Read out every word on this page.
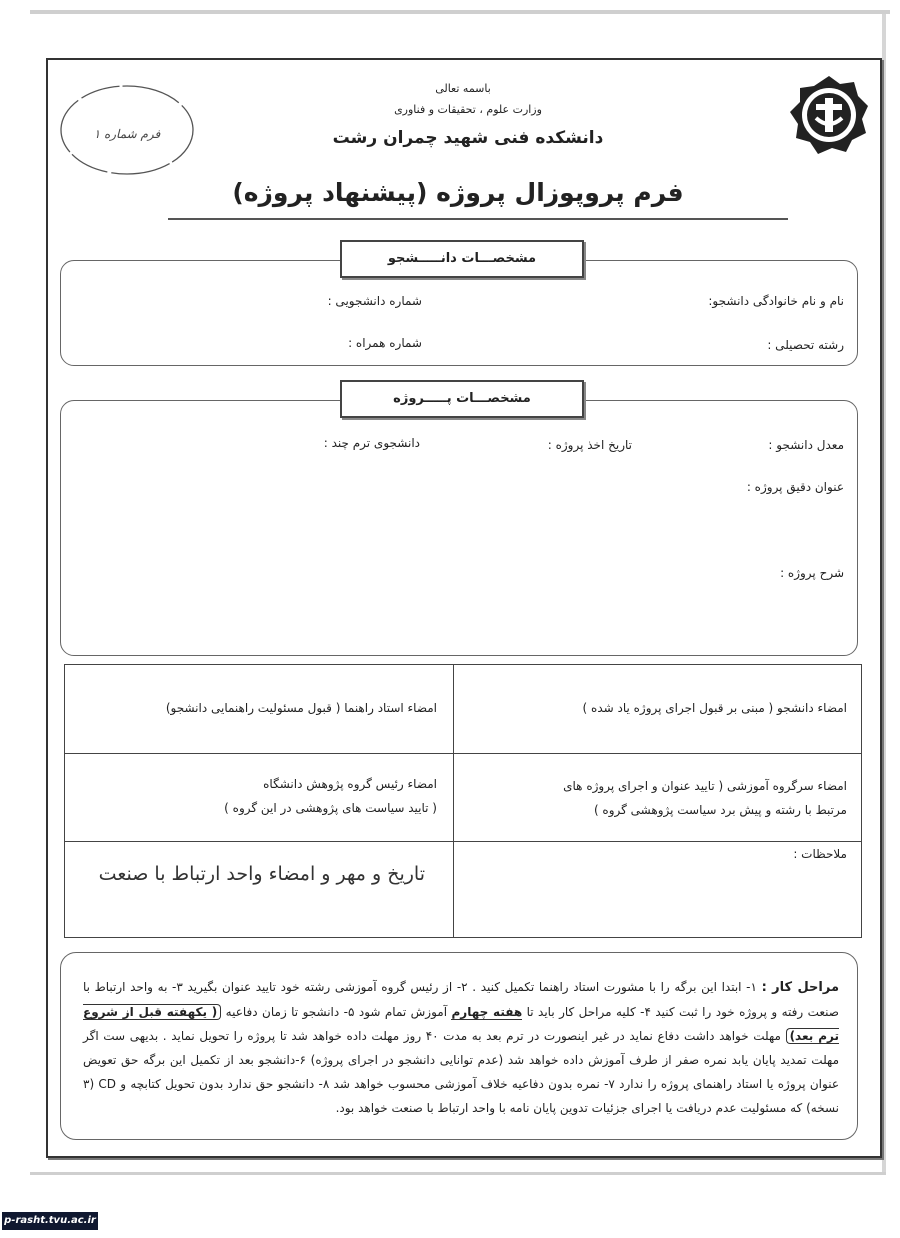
باسمه تعالی
وزارت علوم ، تحقیقات و فناوری
دانشکده فنی شهید چمران رشت
فرم شماره ۱
فرم پروپوزال پروژه (پیشنهاد پروژه)
مشخصـــات دانـــــشجو
نام و نام خانوادگی دانشجو:
شماره دانشجویی :
رشته تحصیلی :
شماره همراه :
مشخصـــات پـــــروژه
معدل دانشجو :
تاریخ اخذ پروژه :
دانشجوی ترم چند :
عنوان دقیق پروژه :
شرح پروژه :
امضاء دانشجو ( مبنی بر قبول اجرای پروژه یاد شده )
امضاء استاد راهنما ( قبول مسئولیت راهنمایی دانشجو)
امضاء سرگروه آموزشی ( تایید عنوان و اجرای پروژه های
مرتبط با رشته و پیش برد سیاست پژوهشی گروه )
امضاء رئیس گروه پژوهش دانشگاه
( تایید سیاست های پژوهشی در این گروه )
ملاحظات :
تاریخ و مهر و امضاء واحد ارتباط با صنعت
مراحل کار : ۱- ابتدا این برگه را با مشورت استاد راهنما تکمیل کنید . ۲- از رئیس گروه آموزشی رشته خود تایید عنوان بگیرید ۳- به واحد ارتباط با صنعت رفته و پروژه خود را ثبت کنید ۴- کلیه مراحل کار باید تا هفته چهارم آموزش تمام شود ۵- دانشجو تا زمان دفاعیه ( یکهفته قبل از شروع ترم بعد) مهلت خواهد داشت دفاع نماید در غیر اینصورت در ترم بعد به مدت ۴۰ روز مهلت داده خواهد شد تا پروژه را تحویل نماید . بدیهی ست اگر مهلت تمدید پایان یابد نمره صفر از طرف آموزش داده خواهد شد (عدم توانایی دانشجو در اجرای پروژه) ۶-دانشجو بعد از تکمیل این برگه حق تعویض عنوان پروژه یا استاد راهنمای پروژه را ندارد ۷- نمره بدون دفاعیه خلاف آموزشی محسوب خواهد شد ۸- دانشجو حق ندارد بدون تحویل کتابچه و CD (۳ نسخه) که مسئولیت عدم دریافت یا اجرای جزئیات تدوین پایان نامه با واحد ارتباط با صنعت خواهد بود.
p-rasht.tvu.ac.ir
